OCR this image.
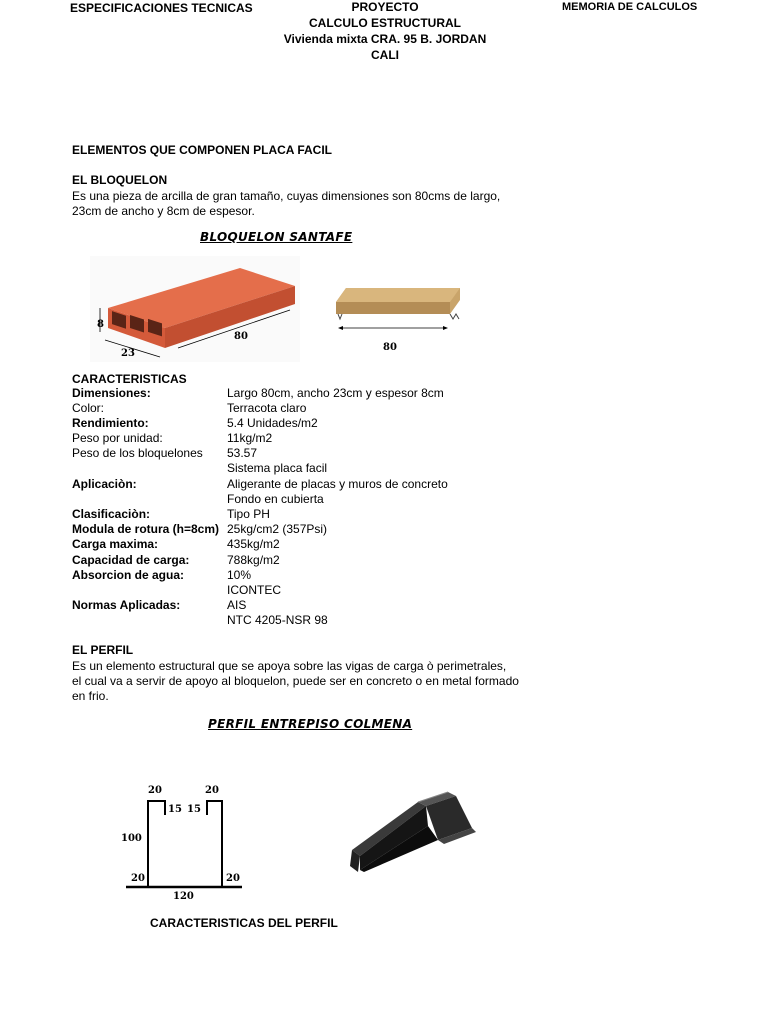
ESPECIFICACIONES TECNICAS	PROYECTO
CALCULO ESTRUCTURAL
Vivienda mixta CRA. 95 B. JORDAN
CALI
MEMORIA DE CALCULOS
ELEMENTOS QUE COMPONEN PLACA FACIL
EL BLOQUELON
Es una pieza de arcilla de gran tamaño, cuyas dimensiones son 80cms de largo,
23cm de ancho y 8cm de espesor.
BLOQUELON SANTAFE
8
23
80
80
CARACTERISTICAS
Dimensiones:	Largo 80cm, ancho 23cm y espesor 8cm
Color:	Terracota claro
Rendimiento:	5.4 Unidades/m2
Peso por unidad:	11kg/m2
Peso de los bloquelones 53.57
Sistema placa facil
Aplicaciòn:	Aligerante de placas y muros de concreto
Fondo en cubierta
Clasificaciòn:	Tipo PH
Modula de rotura (h=8cm) 25kg/cm2 (357Psi)
Carga maxima:	435kg/m2
Capacidad de carga:	788kg/m2
Absorcion de agua:	10%
ICONTEC
Normas Aplicadas:	AIS
NTC 4205-NSR 98
EL PERFIL
Es un elemento estructural que se apoya sobre las vigas de carga ò perimetrales,
el cual va a servir de apoyo al bloquelon, puede ser en concreto o en metal formado
en frio.
PERFIL ENTREPISO COLMENA
20	20
15 15
100
20	20
120
CARACTERISTICAS DEL PERFIL
